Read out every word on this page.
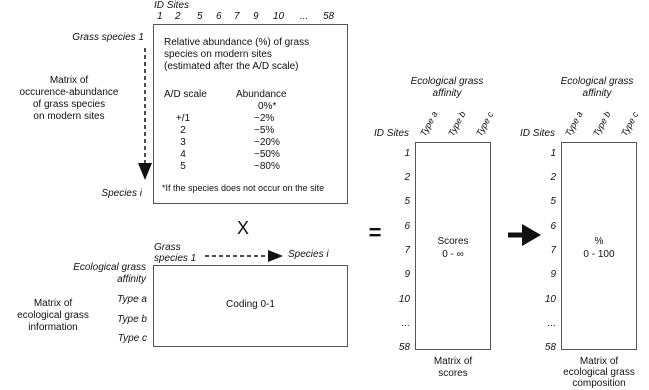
ID Sites
1 2 5 6 7 9 10 ... 58
Grass species 1
Species i
Matrix of
occurence-abundance
of grass species
on modern sites
Relative abundance (%) of grass
species on modern sites
(estimated after the A/D scale)
A/D scale	Abundance
0%*
+/1	~2%
2	~5%
3	~20%
4	~50%
5	~80%
*If the species does not occur on the site
X
Grass
species 1	Species i
Ecological grass
affinity
Type a
Type b
Type c
Matrix of
ecological grass
information
Coding 0-1
=
Ecological grass
affinity
Type a Type b Type c
ID Sites
1
2
5
6
7
9
10
...
58
Scores
0 - ∞
Matrix of
scores
Ecological grass
affinity
Type a Type b Type c
ID Sites
1
2
5
6
7
9
10
...
58
%
0 - 100
Matrix of
ecological grass
composition
